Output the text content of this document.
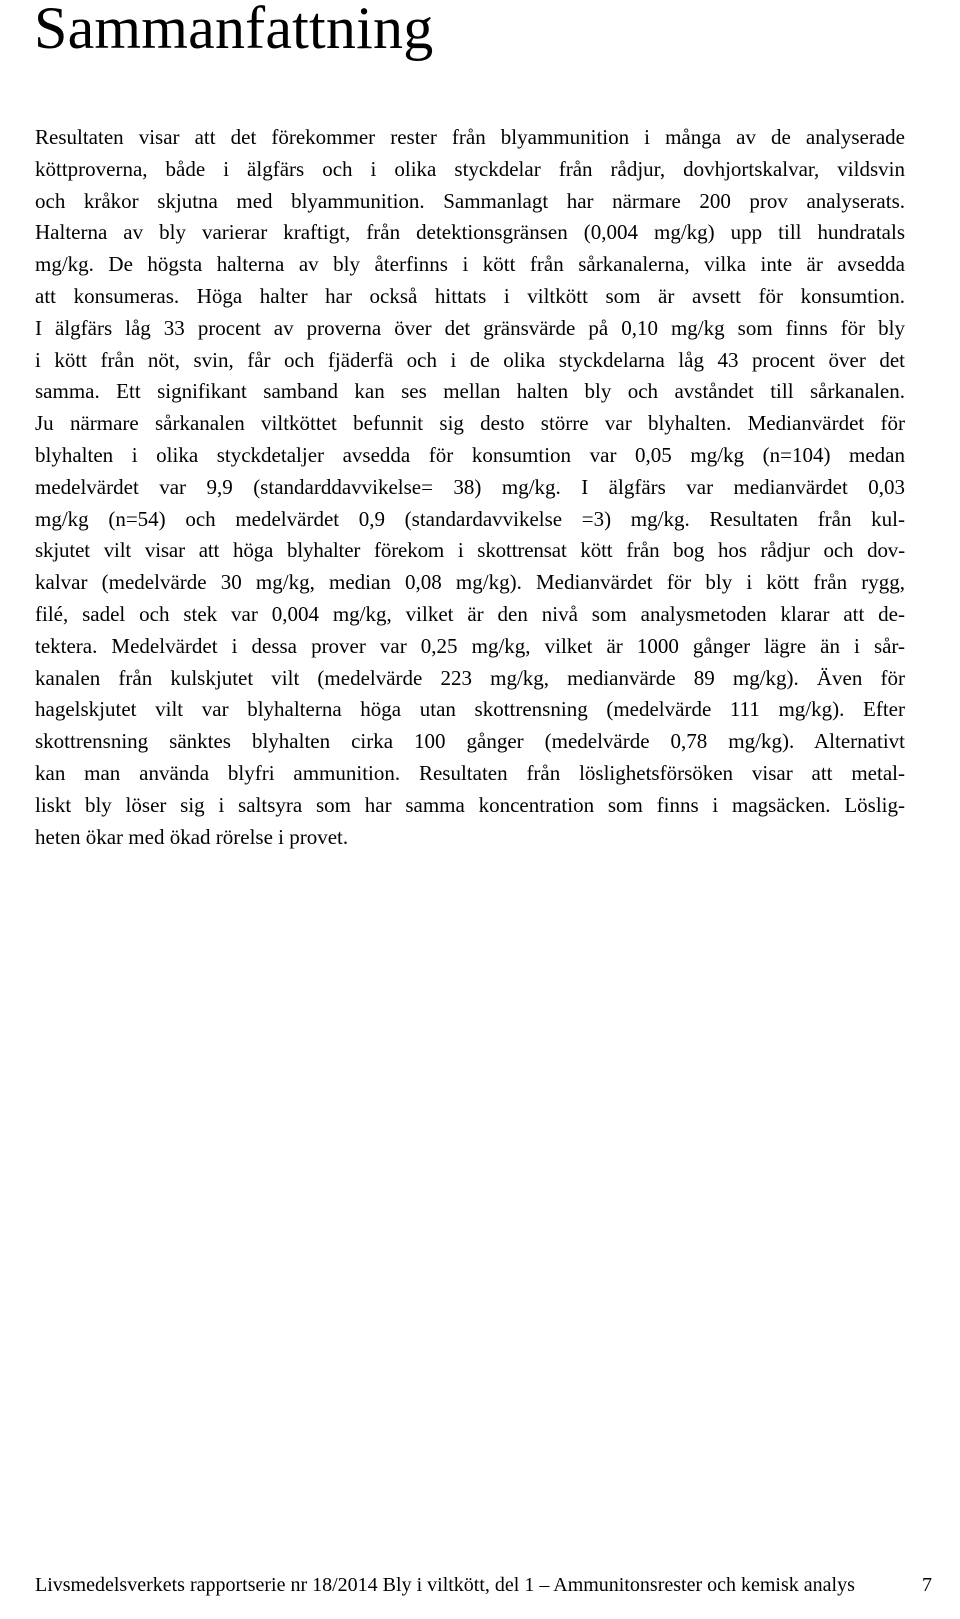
Sammanfattning
Resultaten visar att det förekommer rester från blyammunition i många av de analyserade
köttproverna, både i älgfärs och i olika styckdelar från rådjur, dovhjortskalvar, vildsvin
och kråkor skjutna med blyammunition. Sammanlagt har närmare 200 prov analyserats.
Halterna av bly varierar kraftigt, från detektionsgränsen (0,004 mg/kg) upp till hundratals
mg/kg. De högsta halterna av bly återfinns i kött från sårkanalerna, vilka inte är avsedda
att konsumeras. Höga halter har också hittats i viltkött som är avsett för konsumtion.
I älgfärs låg 33 procent av proverna över det gränsvärde på 0,10 mg/kg som finns för bly
i kött från nöt, svin, får och fjäderfä och i de olika styckdelarna låg 43 procent över det
samma. Ett signifikant samband kan ses mellan halten bly och avståndet till sårkanalen.
Ju närmare sårkanalen viltköttet befunnit sig desto större var blyhalten. Medianvärdet för
blyhalten i olika styckdetaljer avsedda för konsumtion var 0,05 mg/kg (n=104) medan
medelvärdet var 9,9 (standarddavvikelse= 38) mg/kg. I älgfärs var medianvärdet 0,03
mg/kg (n=54) och medelvärdet 0,9 (standardavvikelse =3) mg/kg. Resultaten från kul-
skjutet vilt visar att höga blyhalter förekom i skottrensat kött från bog hos rådjur och dov-
kalvar (medelvärde 30 mg/kg, median 0,08 mg/kg). Medianvärdet för bly i kött från rygg,
filé, sadel och stek var 0,004 mg/kg, vilket är den nivå som analysmetoden klarar att de-
tektera. Medelvärdet i dessa prover var 0,25 mg/kg, vilket är 1000 gånger lägre än i sår-
kanalen från kulskjutet vilt (medelvärde 223 mg/kg, medianvärde 89 mg/kg). Även för
hagelskjutet vilt var blyhalterna höga utan skottrensning (medelvärde 111 mg/kg). Efter
skottrensning sänktes blyhalten cirka 100 gånger (medelvärde 0,78 mg/kg). Alternativt
kan man använda blyfri ammunition. Resultaten från löslighetsförsöken visar att metal-
liskt bly löser sig i saltsyra som har samma koncentration som finns i magsäcken. Löslig-
heten ökar med ökad rörelse i provet.
Livsmedelsverkets rapportserie nr 18/2014 Bly i viltkött, del 1 – Ammunitonsrester och kemisk analys	7
